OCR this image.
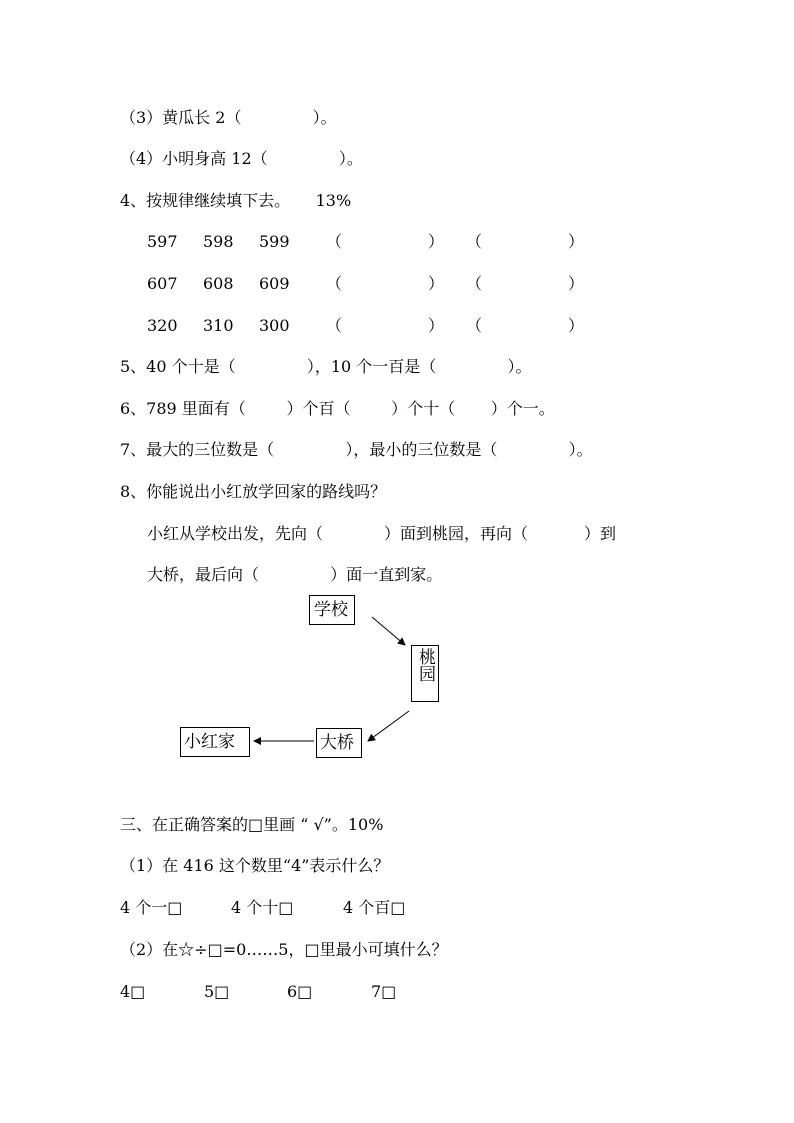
（3）黄瓜长 2（              ）。
（4）小明身高 12（              ）。
4、按规律继续填下去。     13%
597 598 599 （	） （	）
607 608 609 （	） （	）
320 310 300 （	） （	）
5、40 个十是（              ），10 个一百是（              ）。
6、789 里面有（        ）个百（        ）个十（       ）个一。
7、最大的三位数是（              ），最小的三位数是（              ）。
8、你能说出小红放学回家的路线吗？
小红从学校出发，先向（            ）面到桃园，再向（           ）到
大桥，最后向（              ）面一直到家。
学校
桃园
大桥
小红家
三、在正确答案的□里画 “ √”。10%
（1）在 416 这个数里“4”表示什么？
4 个一□	4 个十□	4 个百□
（2）在☆÷□=0……5，□里最小可填什么？
4□	5□	6□	7□
